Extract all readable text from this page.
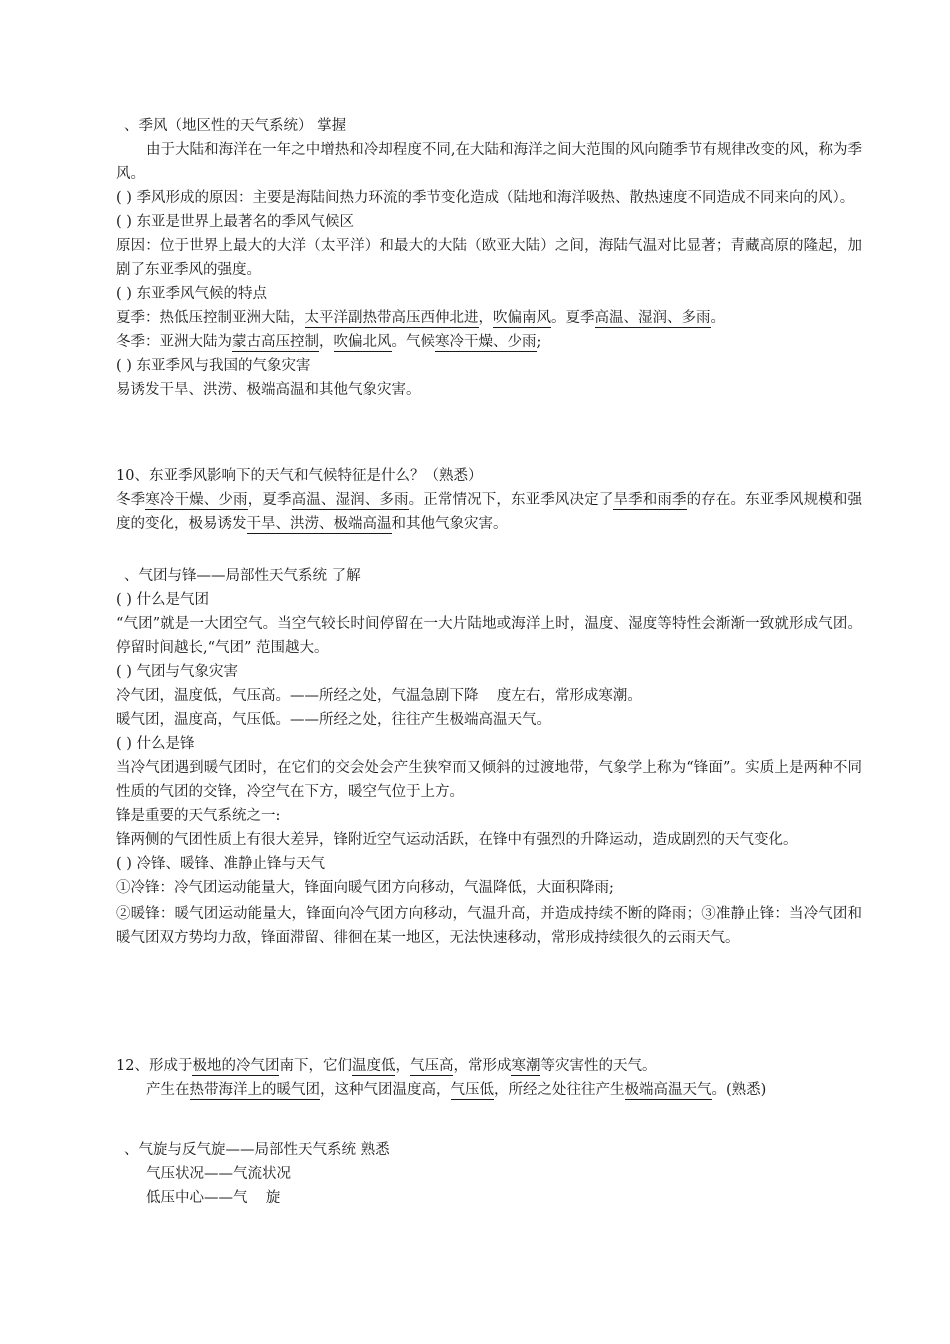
、季风（地区性的天气系统） 掌握
由于大陆和海洋在一年之中增热和冷却程度不同,在大陆和海洋之间大范围的风向随季节有规律改变的风，称为季风。
( ) 季风形成的原因：主要是海陆间热力环流的季节变化造成（陆地和海洋吸热、散热速度不同造成不同来向的风）。
( ) 东亚是世界上最著名的季风气候区
原因：位于世界上最大的大洋（太平洋）和最大的大陆（欧亚大陆）之间，海陆气温对比显著；青藏高原的隆起，加剧了东亚季风的强度。
( ) 东亚季风气候的特点
夏季：热低压控制亚洲大陆，太平洋副热带高压西伸北进，吹偏南风。夏季高温、湿润、多雨。
冬季：亚洲大陆为蒙古高压控制，吹偏北风。气候寒冷干燥、少雨;
( ) 东亚季风与我国的气象灾害
易诱发干旱、洪涝、极端高温和其他气象灾害。
10、东亚季风影响下的天气和气候特征是什么？（熟悉）
冬季寒冷干燥、少雨，夏季高温、湿润、多雨。正常情况下，东亚季风决定了旱季和雨季的存在。东亚季风规模和强度的变化，极易诱发干旱、洪涝、极端高温和其他气象灾害。
、气团与锋——局部性天气系统 了解
( ) 什么是气团
“气团”就是一大团空气。当空气较长时间停留在一大片陆地或海洋上时，温度、湿度等特性会渐渐一致就形成气团。停留时间越长,“气团” 范围越大。
( ) 气团与气象灾害
冷气团，温度低，气压高。——所经之处，气温急剧下降    度左右，常形成寒潮。
暖气团，温度高，气压低。——所经之处，往往产生极端高温天气。
( ) 什么是锋
当冷气团遇到暖气团时，在它们的交会处会产生狭窄而又倾斜的过渡地带，气象学上称为“锋面”。实质上是两种不同性质的气团的交锋，冷空气在下方，暖空气位于上方。
锋是重要的天气系统之一:
锋两侧的气团性质上有很大差异，锋附近空气运动活跃，在锋中有强烈的升降运动，造成剧烈的天气变化。
( ) 冷锋、暖锋、准静止锋与天气
①冷锋：冷气团运动能量大，锋面向暖气团方向移动，气温降低，大面积降雨;
②暖锋：暖气团运动能量大，锋面向冷气团方向移动，气温升高，并造成持续不断的降雨；③准静止锋：当冷气团和暖气团双方势均力敌，锋面滞留、徘徊在某一地区，无法快速移动，常形成持续很久的云雨天气。
12、形成于极地的冷气团南下，它们温度低，气压高，常形成寒潮等灾害性的天气。
产生在热带海洋上的暖气团，这种气团温度高，气压低，所经之处往往产生极端高温天气。(熟悉)
、气旋与反气旋——局部性天气系统 熟悉
气压状况——气流状况
低压中心——气    旋
